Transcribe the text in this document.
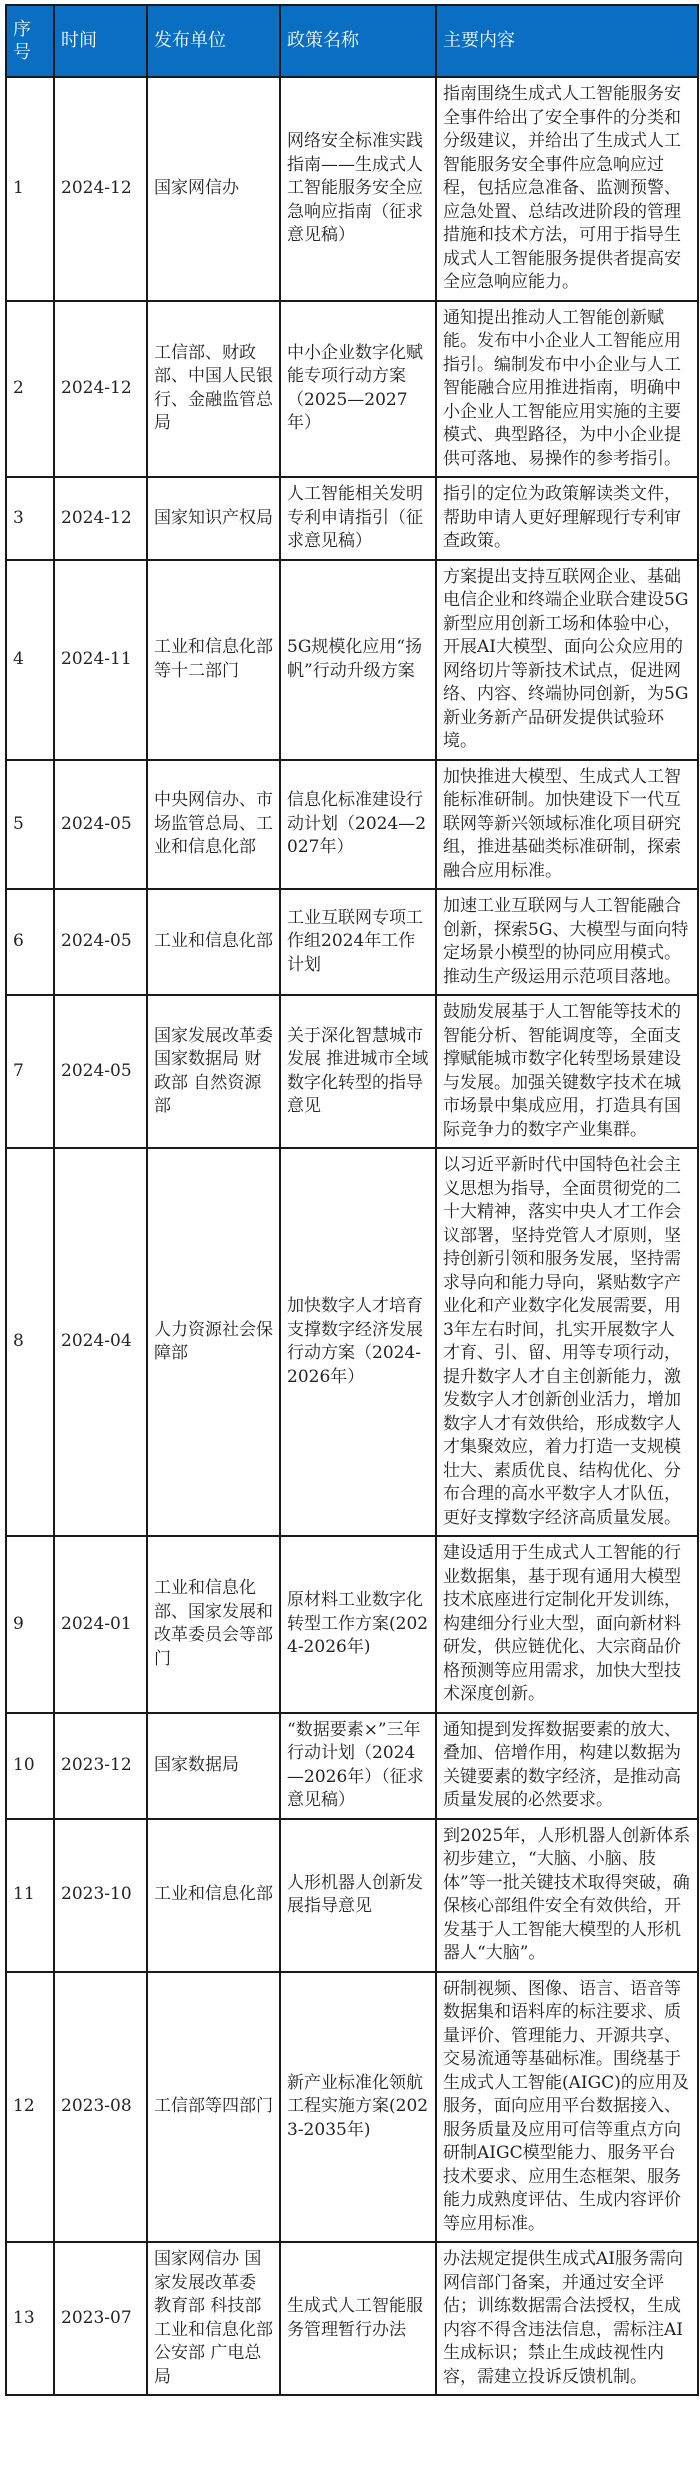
序号	时间	发布单位	政策名称	主要内容
1	2024-12	国家网信办	网络安全标准实践指南——生成式人工智能服务安全应急响应指南（征求意见稿）	指南围绕生成式人工智能服务安全事件给出了安全事件的分类和分级建议，并给出了生成式人工智能服务安全事件应急响应过程，包括应急准备、监测预警、应急处置、总结改进阶段的管理措施和技术方法，可用于指导生成式人工智能服务提供者提高安全应急响应能力。
2	2024-12	工信部、财政部、中国人民银行、金融监管总局	中小企业数字化赋能专项行动方案（2025—2027年）	通知提出推动人工智能创新赋能。发布中小企业人工智能应用指引。编制发布中小企业与人工智能融合应用推进指南，明确中小企业人工智能应用实施的主要模式、典型路径，为中小企业提供可落地、易操作的参考指引。
3	2024-12	国家知识产权局	人工智能相关发明专利申请指引（征求意见稿）	指引的定位为政策解读类文件，帮助申请人更好理解现行专利审查政策。
4	2024-11	工业和信息化部等十二部门	5G规模化应用“扬帆”行动升级方案	方案提出支持互联网企业、基础电信企业和终端企业联合建设5G新型应用创新工场和体验中心，开展AI大模型、面向公众应用的网络切片等新技术试点，促进网络、内容、终端协同创新，为5G新业务新产品研发提供试验环境。
5	2024-05	中央网信办、市场监管总局、工业和信息化部	信息化标准建设行动计划（2024—2027年）	加快推进大模型、生成式人工智能标准研制。加快建设下一代互联网等新兴领域标准化项目研究组，推进基础类标准研制，探索融合应用标准。
6	2024-05	工业和信息化部	工业互联网专项工作组2024年工作计划	加速工业互联网与人工智能融合创新，探索5G、大模型与面向特定场景小模型的协同应用模式。推动生产级运用示范项目落地。
7	2024-05	国家发展改革委 国家数据局 财政部 自然资源部	关于深化智慧城市发展 推进城市全域数字化转型的指导意见	鼓励发展基于人工智能等技术的智能分析、智能调度等，全面支撑赋能城市数字化转型场景建设与发展。加强关键数字技术在城市场景中集成应用，打造具有国际竞争力的数字产业集群。
8	2024-04	人力资源社会保障部	加快数字人才培育支撑数字经济发展行动方案（2024-2026年）	以习近平新时代中国特色社会主义思想为指导，全面贯彻党的二十大精神，落实中央人才工作会议部署，坚持党管人才原则，坚持创新引领和服务发展，坚持需求导向和能力导向，紧贴数字产业化和产业数字化发展需要，用3年左右时间，扎实开展数字人才育、引、留、用等专项行动，提升数字人才自主创新能力，激发数字人才创新创业活力，增加数字人才有效供给，形成数字人才集聚效应，着力打造一支规模壮大、素质优良、结构优化、分布合理的高水平数字人才队伍，更好支撑数字经济高质量发展。
9	2024-01	工业和信息化部、国家发展和改革委员会等部门	原材料工业数字化转型工作方案(2024-2026年)	建设适用于生成式人工智能的行业数据集，基于现有通用大模型技术底座进行定制化开发训练，构建细分行业大型，面向新材料研发，供应链优化、大宗商品价格预测等应用需求，加快大型技术深度创新。
10	2023-12	国家数据局	“数据要素×”三年行动计划（2024—2026年）（征求意见稿）	通知提到发挥数据要素的放大、叠加、倍增作用，构建以数据为关键要素的数字经济，是推动高质量发展的必然要求。
11	2023-10	工业和信息化部	人形机器人创新发展指导意见	到2025年，人形机器人创新体系初步建立，“大脑、小脑、肢体”等一批关键技术取得突破，确保核心部组件安全有效供给，开发基于人工智能大模型的人形机器人“大脑”。
12	2023-08	工信部等四部门	新产业标准化领航工程实施方案(2023-2035年)	研制视频、图像、语言、语音等数据集和语料库的标注要求、质量评价、管理能力、开源共享、交易流通等基础标准。围绕基于生成式人工智能(AIGC)的应用及服务，面向应用平台数据接入、服务质量及应用可信等重点方向研制AIGC模型能力、服务平台技术要求、应用生态框架、服务能力成熟度评估、生成内容评价等应用标准。
13	2023-07	国家网信办 国家发展改革委 教育部 科技部 工业和信息化部 公安部 广电总局	生成式人工智能服务管理暂行办法	办法规定提供生成式AI服务需向网信部门备案，并通过安全评估；训练数据需合法授权，生成内容不得含违法信息，需标注AI生成标识；禁止生成歧视性内容，需建立投诉反馈机制。
